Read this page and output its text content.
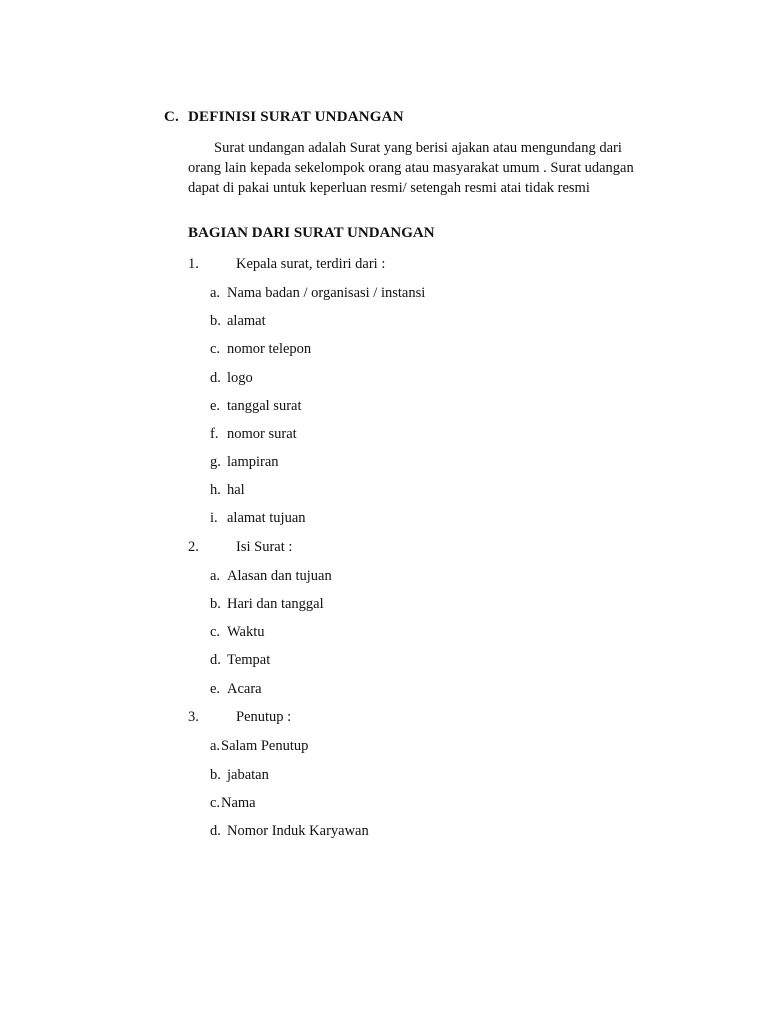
C. DEFINISI SURAT UNDANGAN
Surat undangan adalah Surat yang berisi ajakan atau mengundang dari
orang lain kepada sekelompok orang atau masyarakat umum . Surat udangan
dapat di pakai untuk keperluan resmi/ setengah resmi atai tidak resmi
BAGIAN DARI SURAT UNDANGAN
1.	Kepala surat, terdiri dari :
a. Nama badan / organisasi / instansi
b. alamat
c. nomor telepon
d. logo
e. tanggal surat
f. nomor surat
g. lampiran
h. hal
i. alamat tujuan
2.	Isi Surat :
a. Alasan dan tujuan
b. Hari dan tanggal
c. Waktu
d. Tempat
e. Acara
3.	Penutup :
a.Salam Penutup
b. jabatan
c.Nama
d. Nomor Induk Karyawan
